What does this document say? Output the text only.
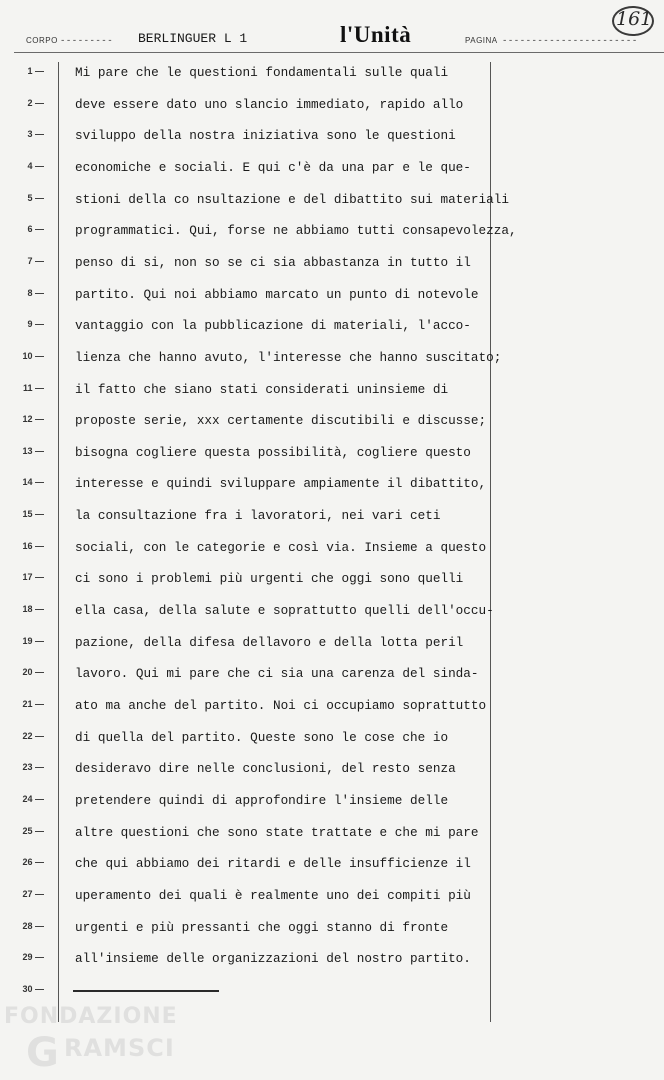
CORPO --------- BERLINGUER L 1	l'Unità	PAGINA -----------------------
161
1 —
2 —
3 —
4 —
5 —
6 —
7 —
8 —
9 —
10 —
11 —
12 —
13 —
14 —
15 —
16 —
17 —
18 —
19 —
20 —
21 —
22 —
23 —
24 —
25 —
26 —
27 —
28 —
29 —
30 —
Mi pare che le questioni fondamentali sulle quali
deve essere dato uno slancio immediato, rapido allo
sviluppo della nostra iniziativa sono le questioni
economiche e sociali. E qui c'è da una par e le que-
stioni della co nsultazione e del dibattito sui materiali
programmatici. Qui, forse ne abbiamo tutti consapevolezza,
penso di si, non so se ci sia abbastanza in tutto il
partito. Qui noi abbiamo marcato un punto di notevole
vantaggio con la pubblicazione di materiali, l'acco-
lienza che hanno avuto, l'interesse che hanno suscitato;
il fatto che siano stati considerati uninsieme di
proposte serie, xxx certamente discutibili e discusse;
bisogna cogliere questa possibilità, cogliere questo
interesse e quindi sviluppare ampiamente il dibattito,
la consultazione fra i lavoratori, nei vari ceti
sociali, con le categorie e così via. Insieme a questo
ci sono i problemi più urgenti che oggi sono quelli
ella casa, della salute e soprattutto quelli dell'occu-
pazione, della difesa dellavoro e della lotta peril
lavoro. Qui mi pare che ci sia una carenza del sinda-
ato ma anche del partito. Noi ci occupiamo soprattutto
di quella del partito. Queste sono le cose che io
desideravo dire nelle conclusioni, del resto senza
pretendere quindi di approfondire l'insieme delle
altre questioni che sono state trattate e che mi pare
che qui abbiamo dei ritardi e delle insufficienze il
uperamento dei quali è realmente uno dei compiti più
urgenti e più pressanti che oggi stanno di fronte
all'insieme delle organizzazioni del nostro partito.
FONDAZIONE
G RAMSCI
